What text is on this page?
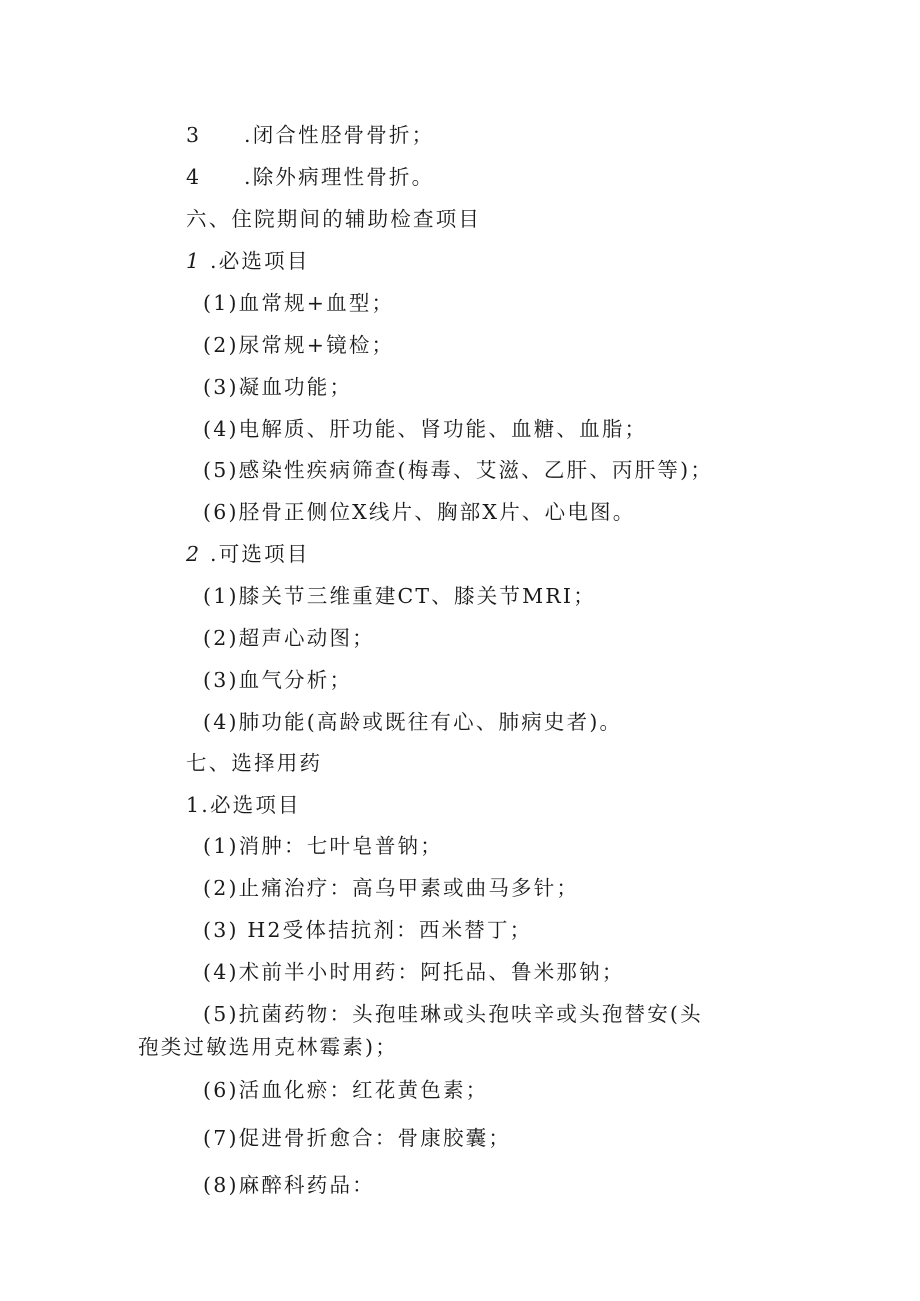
3 .闭合性胫骨骨折；
4 .除外病理性骨折。
六、住院期间的辅助检查项目
1 .必选项目
(1)血常规+血型；
(2)尿常规+镜检；
(3)凝血功能；
(4)电解质、肝功能、肾功能、血糖、血脂；
(5)感染性疾病筛查(梅毒、艾滋、乙肝、丙肝等)；
(6)胫骨正侧位X线片、胸部X片、心电图。
2 .可选项目
(1)膝关节三维重建CT、膝关节MRI；
(2)超声心动图；
(3)血气分析；
(4)肺功能(高龄或既往有心、肺病史者)。
七、选择用药
1.必选项目
(1)消肿：七叶皂普钠；
(2)止痛治疗：高乌甲素或曲马多针；
(3) H2受体拮抗剂：西米替丁；
(4)术前半小时用药：阿托品、鲁米那钠；
(5)抗菌药物：头孢哇琳或头孢呋辛或头孢替安(头
孢类过敏选用克林霉素)；
(6)活血化瘀：红花黄色素；
(7)促进骨折愈合：骨康胶囊；
(8)麻醉科药品：
